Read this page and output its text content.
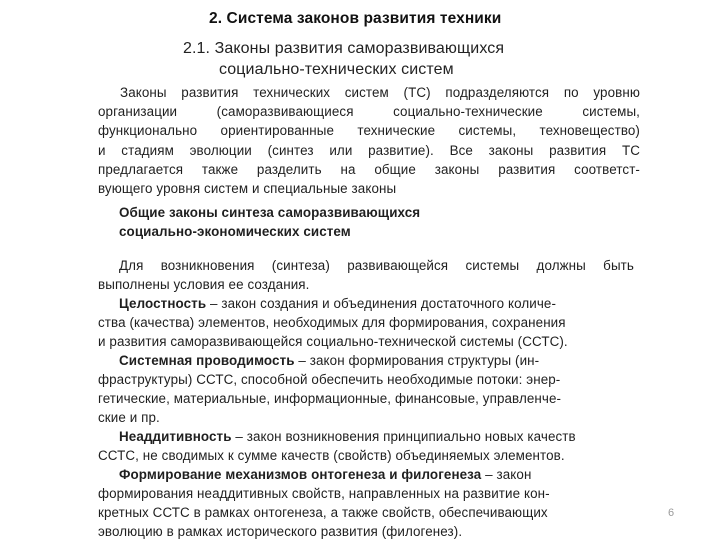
2. Система законов развития техники
2.1. Законы развития саморазвивающихся
социально-технических систем
Законы развития технических систем (ТС) подразделяются по уровню
организации (саморазвивающиеся социально-технические системы,
функционально ориентированные технические системы, техновещество)
и стадиям эволюции (синтез или развитие). Все законы развития ТС
предлагается также разделить на общие законы развития соответст-
вующего уровня систем и специальные законы
Общие законы синтеза саморазвивающихся
социально-экономических систем
Для возникновения (синтеза) развивающейся системы должны быть
выполнены условия ее создания.
Целостность – закон создания и объединения достаточного количе-
ства (качества) элементов, необходимых для формирования, сохранения
и развития саморазвивающейся социально-технической системы (ССТС).
Системная проводимость – закон формирования структуры (ин-
фраструктуры) ССТС, способной обеспечить необходимые потоки: энер-
гетические, материальные, информационные, финансовые, управленче-
ские и пр.
Неаддитивность – закон возникновения принципиально новых качеств
ССТС, не сводимых к сумме качеств (свойств) объединяемых элементов.
Формирование механизмов онтогенеза и филогенеза – закон
формирования неаддитивных свойств, направленных на развитие кон-
кретных ССТС в рамках онтогенеза, а также свойств, обеспечивающих
эволюцию в рамках исторического развития (филогенез).
6
